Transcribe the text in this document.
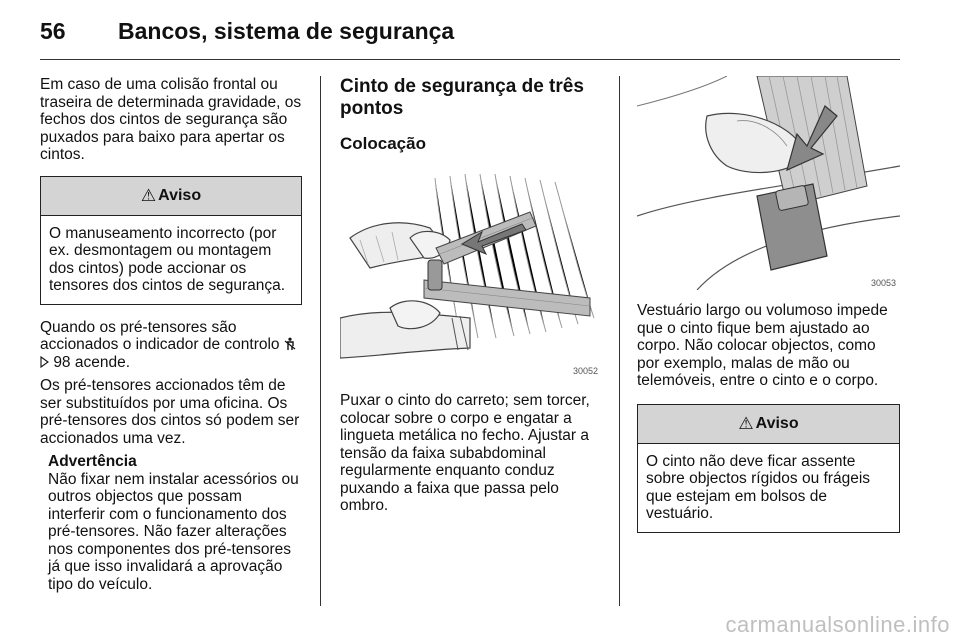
56 Bancos, sistema de segurança

Em caso de uma colisão frontal ou traseira de determinada gravidade, os fechos dos cintos de segurança são puxados para baixo para apertar os cintos.

⚠ Aviso
O manuseamento incorrecto (por ex. desmontagem ou montagem dos cintos) pode accionar os tensores dos cintos de segurança.

Quando os pré-tensores são accionados o indicador de controlo   98 acende.

Os pré-tensores accionados têm de ser substituídos por uma oficina. Os pré-tensores dos cintos só podem ser accionados uma vez.

Advertência

Não fixar nem instalar acessórios ou outros objectos que possam interferir com o funcionamento dos pré-tensores. Não fazer alterações nos componentes dos pré-tensores já que isso invalidará a aprovação tipo do veículo.

Cinto de segurança de três pontos
Colocação
30052

Puxar o cinto do carreto; sem torcer, colocar sobre o corpo e engatar a lingueta metálica no fecho. Ajustar a tensão da faixa subabdominal regularmente enquanto conduz puxando a faixa que passa pelo ombro.

30053

Vestuário largo ou volumoso impede que o cinto fique bem ajustado ao corpo. Não colocar objectos, como por exemplo, malas de mão ou telemóveis, entre o cinto e o corpo.

⚠ Aviso
O cinto não deve ficar assente sobre objectos rígidos ou frágeis que estejam em bolsos de vestuário.
carmanualsonline.info
